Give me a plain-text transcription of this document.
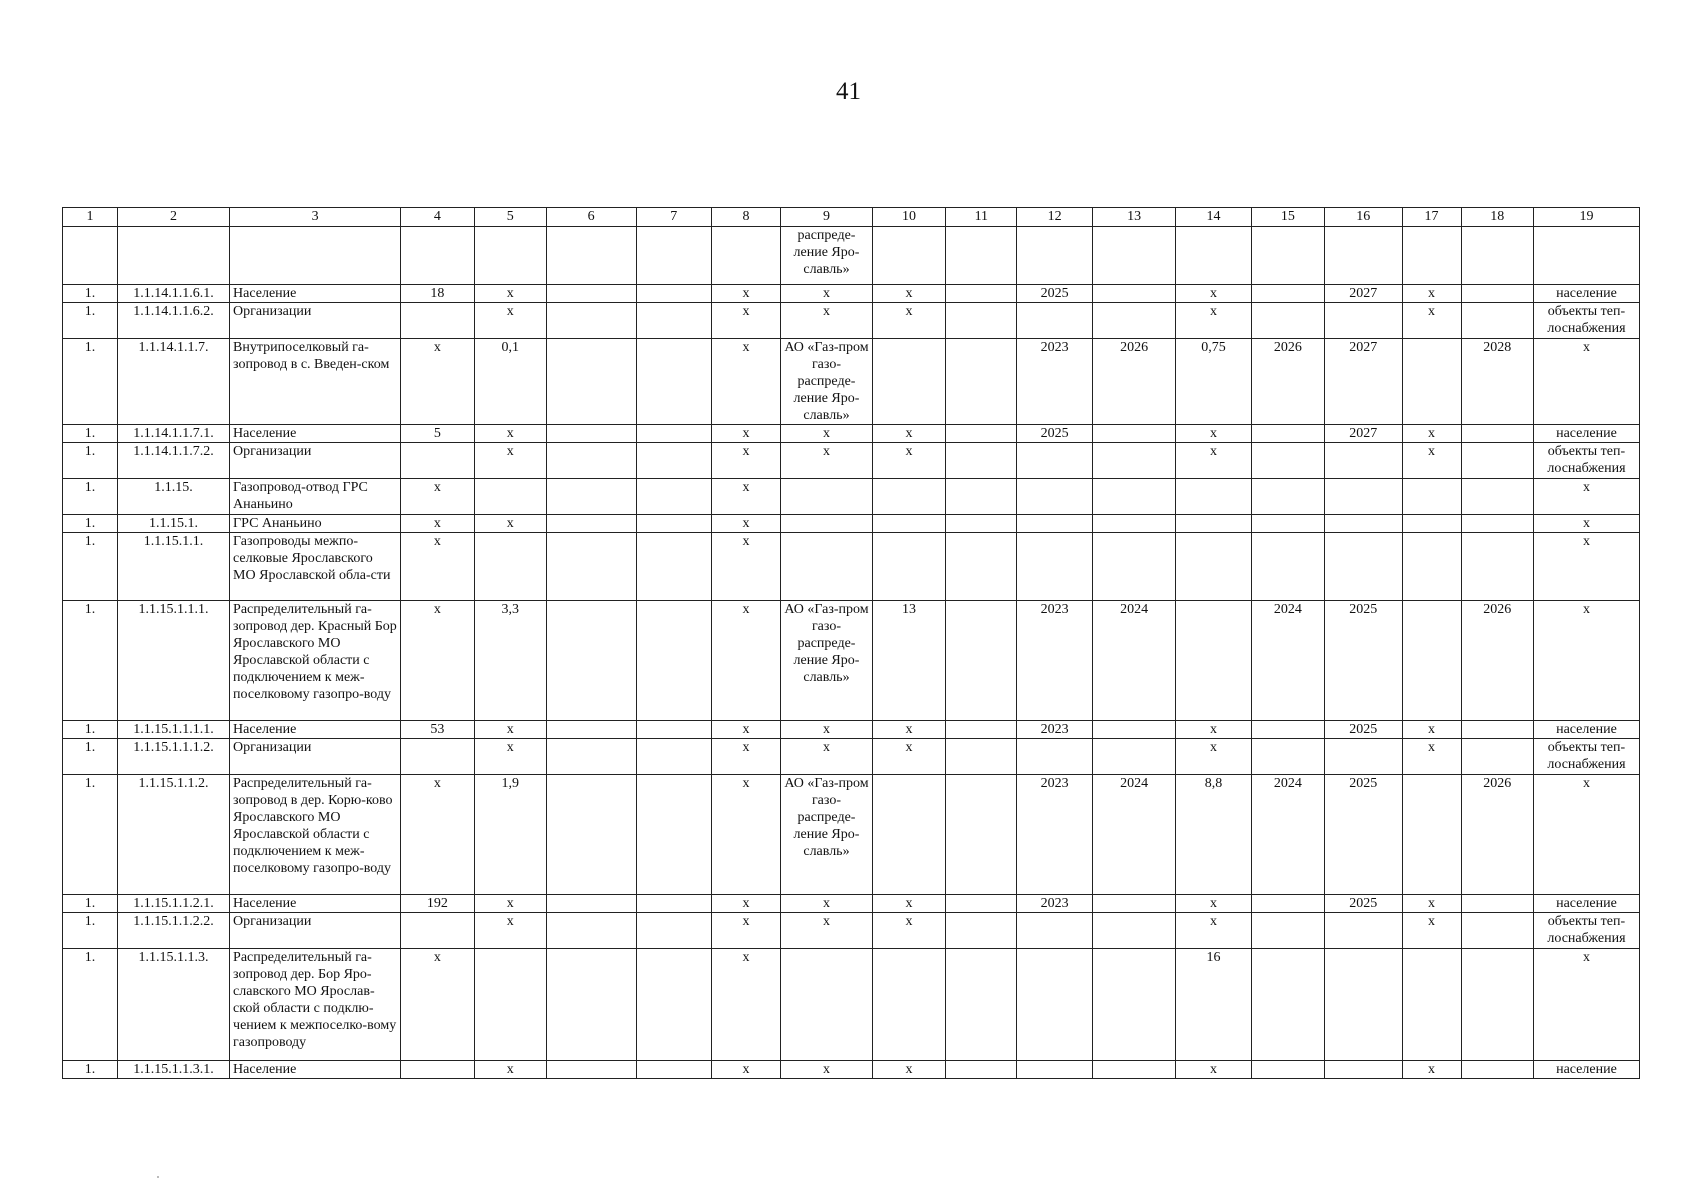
41
1	2	3	4	5	6	7	8	9	10	11	12	13	14	15	16	17	18	19
								распреде-ление Яро-славль»										
1.	1.1.14.1.1.6.1.	Население	18	х			х	х	х		2025		х		2027	х		население
1.	1.1.14.1.1.6.2.	Организации		х			х	х	х				х			х		объекты теп-лоснабжения
1.	1.1.14.1.1.7.	Внутрипоселковый га-зопровод в с. Введен-ском	х	0,1			х	АО «Газ-пром газо-распреде-ление Яро-славль»			2023	2026	0,75	2026	2027		2028	х
1.	1.1.14.1.1.7.1.	Население	5	х			х	х	х		2025		х		2027	х		население
1.	1.1.14.1.1.7.2.	Организации		х			х	х	х				х			х		объекты теп-лоснабжения
1.	1.1.15.	Газопровод-отвод ГРС Ананьино	х				х											х
1.	1.1.15.1.	ГРС Ананьино	х	х			х											х
1.	1.1.15.1.1.	Газопроводы межпо-селковые Ярославского МО Ярославской обла-сти	х				х											х
1.	1.1.15.1.1.1.	Распределительный га-зопровод дер. Красный Бор Ярославского МО Ярославской области с подключением к меж-поселковому газопро-воду	х	3,3			х	АО «Газ-пром газо-распреде-ление Яро-славль»	13		2023	2024		2024	2025		2026	х
1.	1.1.15.1.1.1.1.	Население	53	х			х	х	х		2023		х		2025	х		население
1.	1.1.15.1.1.1.2.	Организации		х			х	х	х				х			х		объекты теп-лоснабжения
1.	1.1.15.1.1.2.	Распределительный га-зопровод в дер. Корю-ково Ярославского МО Ярославской области с подключением к меж-поселковому газопро-воду	х	1,9			х	АО «Газ-пром газо-распреде-ление Яро-славль»			2023	2024	8,8	2024	2025		2026	х
1.	1.1.15.1.1.2.1.	Население	192	х			х	х	х		2023		х		2025	х		население
1.	1.1.15.1.1.2.2.	Организации		х			х	х	х				х			х		объекты теп-лоснабжения
1.	1.1.15.1.1.3.	Распределительный га-зопровод дер. Бор Яро-славского МО Ярослав-ской области с подклю-чением к межпоселко-вому газопроводу	х				х						16					х
1.	1.1.15.1.1.3.1.	Население		х			х	х	х				х			х		население
